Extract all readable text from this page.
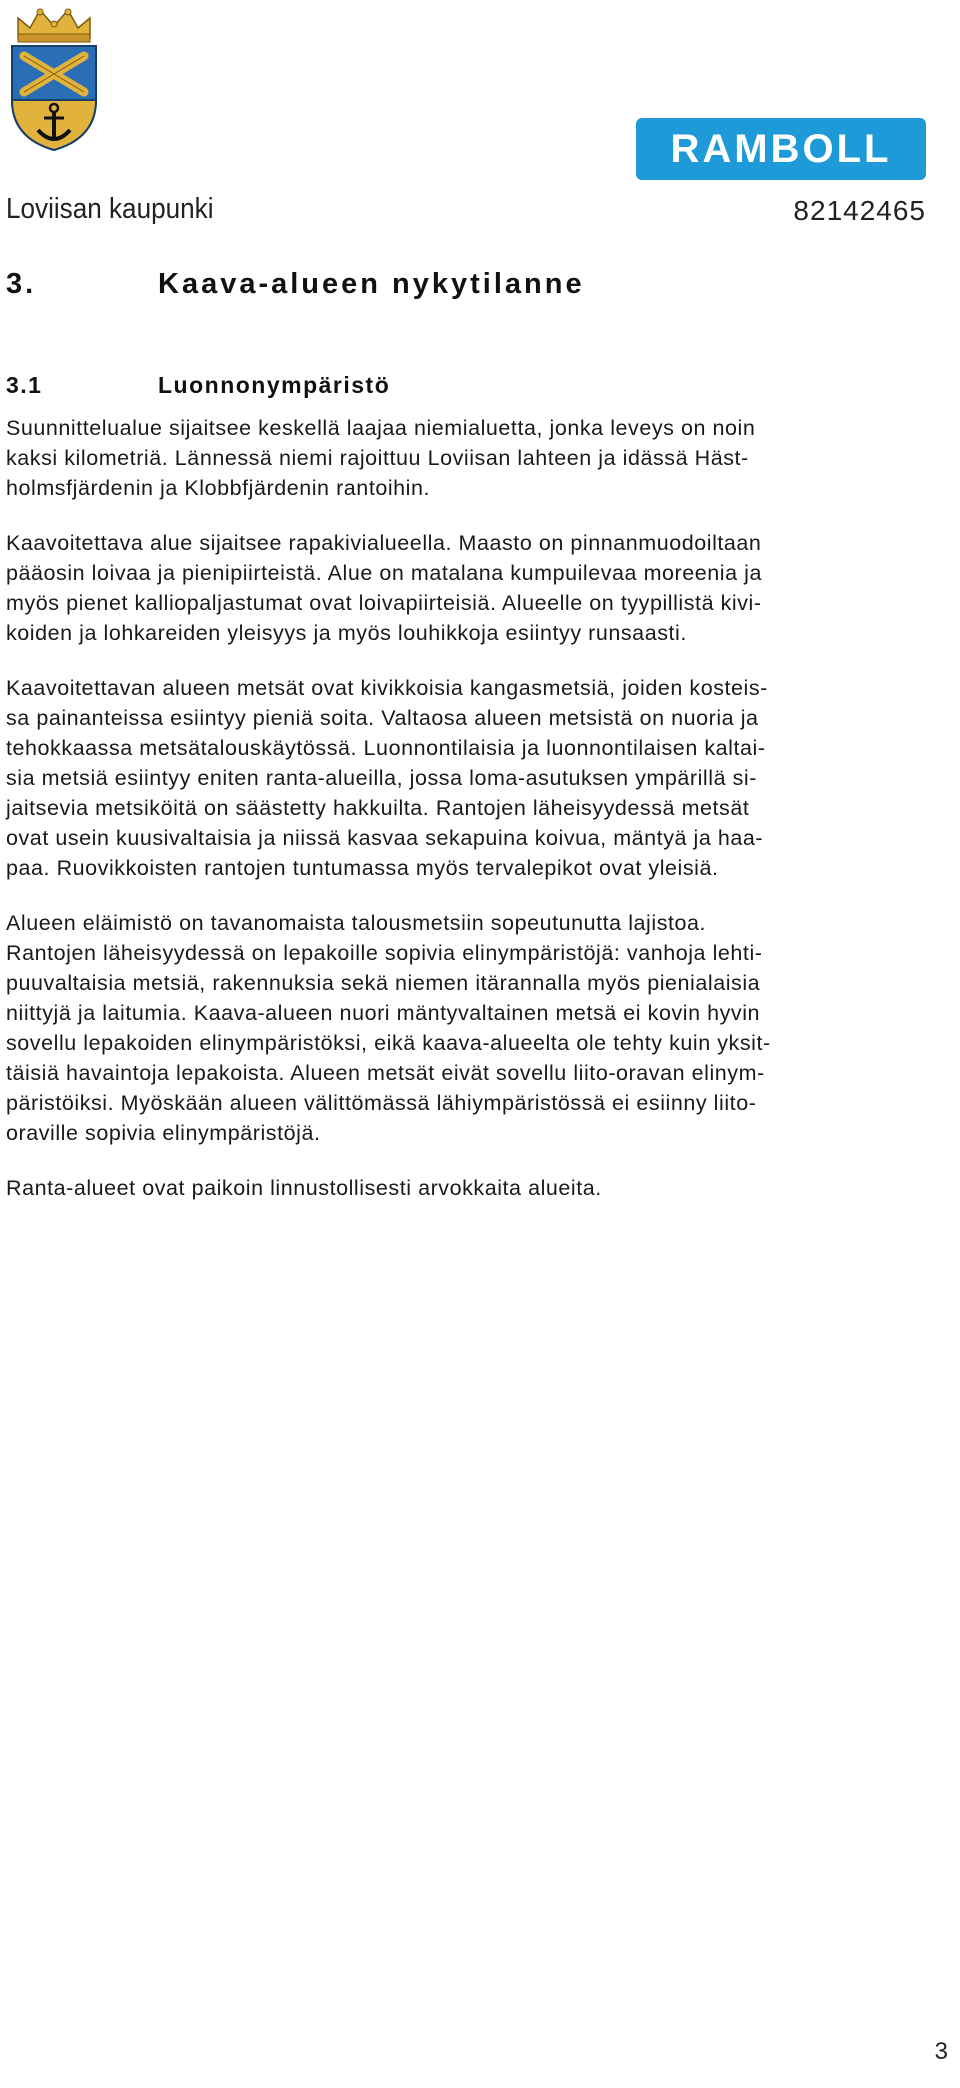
RAMBOLL
Loviisan kaupunki	82142465
3.	Kaava-alueen nykytilanne
3.1	Luonnonympäristö
Suunnittelualue sijaitsee keskellä laajaa niemialuetta, jonka leveys on noin
kaksi kilometriä. Lännessä niemi rajoittuu Loviisan lahteen ja idässä Häst-
holmsfjärdenin ja Klobbfjärdenin rantoihin.
Kaavoitettava alue sijaitsee rapakivialueella. Maasto on pinnanmuodoiltaan
pääosin loivaa ja pienipiirteistä. Alue on matalana kumpuilevaa moreenia ja
myös pienet kalliopaljastumat ovat loivapiirteisiä. Alueelle on tyypillistä kivi-
koiden ja lohkareiden yleisyys ja myös louhikkoja esiintyy runsaasti.
Kaavoitettavan alueen metsät ovat kivikkoisia kangasmetsiä, joiden kosteis-
sa painanteissa esiintyy pieniä soita. Valtaosa alueen metsistä on nuoria ja
tehokkaassa metsätalouskäytössä. Luonnontilaisia ja luonnontilaisen kaltai-
sia metsiä esiintyy eniten ranta-alueilla, jossa loma-asutuksen ympärillä si-
jaitsevia metsiköitä on säästetty hakkuilta. Rantojen läheisyydessä metsät
ovat usein kuusivaltaisia ja niissä kasvaa sekapuina koivua, mäntyä ja haa-
paa. Ruovikkoisten rantojen tuntumassa myös tervalepikot ovat yleisiä.
Alueen eläimistö on tavanomaista talousmetsiin sopeutunutta lajistoa.
Rantojen läheisyydessä on lepakoille sopivia elinympäristöjä: vanhoja lehti-
puuvaltaisia metsiä, rakennuksia sekä niemen itärannalla myös pienialaisia
niittyjä ja laitumia. Kaava-alueen nuori mäntyvaltainen metsä ei kovin hyvin
sovellu lepakoiden elinympäristöksi, eikä kaava-alueelta ole tehty kuin yksit-
täisiä havaintoja lepakoista. Alueen metsät eivät sovellu liito-oravan elinym-
päristöiksi. Myöskään alueen välittömässä lähiympäristössä ei esiinny liito-
oraville sopivia elinympäristöjä.
Ranta-alueet ovat paikoin linnustollisesti arvokkaita alueita.
3
